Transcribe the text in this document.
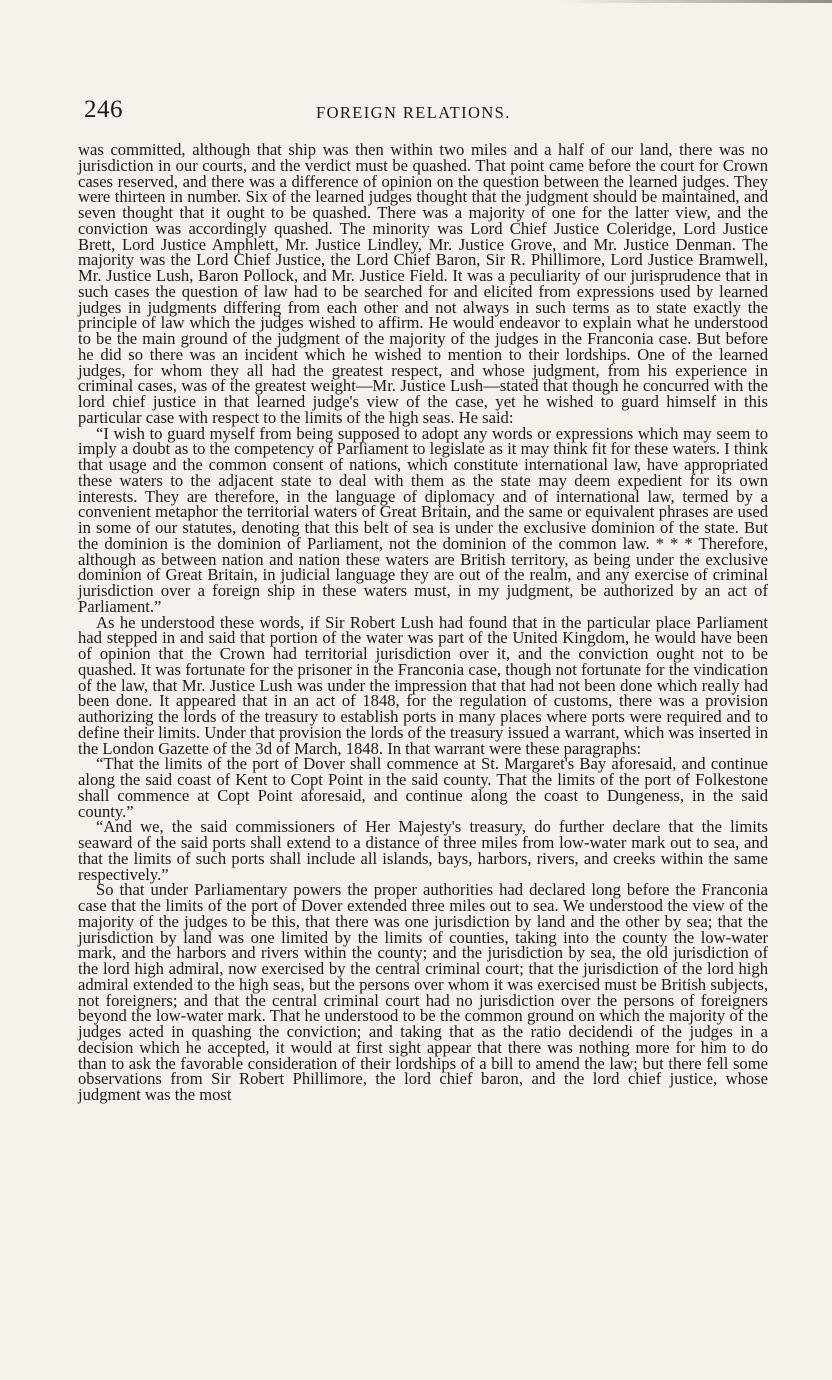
246	FOREIGN RELATIONS.

was committed, although that ship was then within two miles and a half of our land, there was no jurisdiction in our courts, and the verdict must be quashed. That point came before the court for Crown cases reserved, and there was a difference of opinion on the question between the learned judges. They were thirteen in number. Six of the learned judges thought that the judgment should be maintained, and seven thought that it ought to be quashed. There was a majority of one for the latter view, and the conviction was accordingly quashed. The minority was Lord Chief Justice Coleridge, Lord Justice Brett, Lord Justice Amphlett, Mr. Justice Lindley, Mr. Justice Grove, and Mr. Justice Denman. The majority was the Lord Chief Justice, the Lord Chief Baron, Sir R. Phillimore, Lord Justice Bramwell, Mr. Justice Lush, Baron Pollock, and Mr. Justice Field. It was a peculiarity of our jurisprudence that in such cases the question of law had to be searched for and elicited from expressions used by learned judges in judgments differing from each other and not always in such terms as to state exactly the principle of law which the judges wished to affirm. He would endeavor to explain what he understood to be the main ground of the judgment of the majority of the judges in the Franconia case. But before he did so there was an incident which he wished to mention to their lordships. One of the learned judges, for whom they all had the greatest respect, and whose judgment, from his experience in criminal cases, was of the greatest weight—Mr. Justice Lush—stated that though he concurred with the lord chief justice in that learned judge's view of the case, yet he wished to guard himself in this particular case with respect to the limits of the high seas. He said:

“I wish to guard myself from being supposed to adopt any words or expressions which may seem to imply a doubt as to the competency of Parliament to legislate as it may think fit for these waters. I think that usage and the common consent of nations, which constitute international law, have appropriated these waters to the adjacent state to deal with them as the state may deem expedient for its own interests. They are therefore, in the language of diplomacy and of international law, termed by a convenient metaphor the territorial waters of Great Britain, and the same or equivalent phrases are used in some of our statutes, denoting that this belt of sea is under the exclusive dominion of the state. But the dominion is the dominion of Parliament, not the dominion of the common law. * * * Therefore, although as between nation and nation these waters are British territory, as being under the exclusive dominion of Great Britain, in judicial language they are out of the realm, and any exercise of criminal jurisdiction over a foreign ship in these waters must, in my judgment, be authorized by an act of Parliament.”

As he understood these words, if Sir Robert Lush had found that in the particular place Parliament had stepped in and said that portion of the water was part of the United Kingdom, he would have been of opinion that the Crown had territorial jurisdiction over it, and the conviction ought not to be quashed. It was fortunate for the prisoner in the Franconia case, though not fortunate for the vindication of the law, that Mr. Justice Lush was under the impression that that had not been done which really had been done. It appeared that in an act of 1848, for the regulation of customs, there was a provision authorizing the lords of the treasury to establish ports in many places where ports were required and to define their limits. Under that provision the lords of the treasury issued a warrant, which was inserted in the London Gazette of the 3d of March, 1848. In that warrant were these paragraphs:

“That the limits of the port of Dover shall commence at St. Margaret's Bay aforesaid, and continue along the said coast of Kent to Copt Point in the said county. That the limits of the port of Folkestone shall commence at Copt Point aforesaid, and continue along the coast to Dungeness, in the said county.”

“And we, the said commissioners of Her Majesty's treasury, do further declare that the limits seaward of the said ports shall extend to a distance of three miles from low-water mark out to sea, and that the limits of such ports shall include all islands, bays, harbors, rivers, and creeks within the same respectively.”

So that under Parliamentary powers the proper authorities had declared long before the Franconia case that the limits of the port of Dover extended three miles out to sea. We understood the view of the majority of the judges to be this, that there was one jurisdiction by land and the other by sea; that the jurisdiction by land was one limited by the limits of counties, taking into the county the low-water mark, and the harbors and rivers within the county; and the jurisdiction by sea, the old jurisdiction of the lord high admiral, now exercised by the central criminal court; that the jurisdiction of the lord high admiral extended to the high seas, but the persons over whom it was exercised must be British subjects, not foreigners; and that the central criminal court had no jurisdiction over the persons of foreigners beyond the low-water mark. That he understood to be the common ground on which the majority of the judges acted in quashing the conviction; and taking that as the ratio decidendi of the judges in a decision which he accepted, it would at first sight appear that there was nothing more for him to do than to ask the favorable consideration of their lordships of a bill to amend the law; but there fell some observations from Sir Robert Phillimore, the lord chief baron, and the lord chief justice, whose judgment was the most
